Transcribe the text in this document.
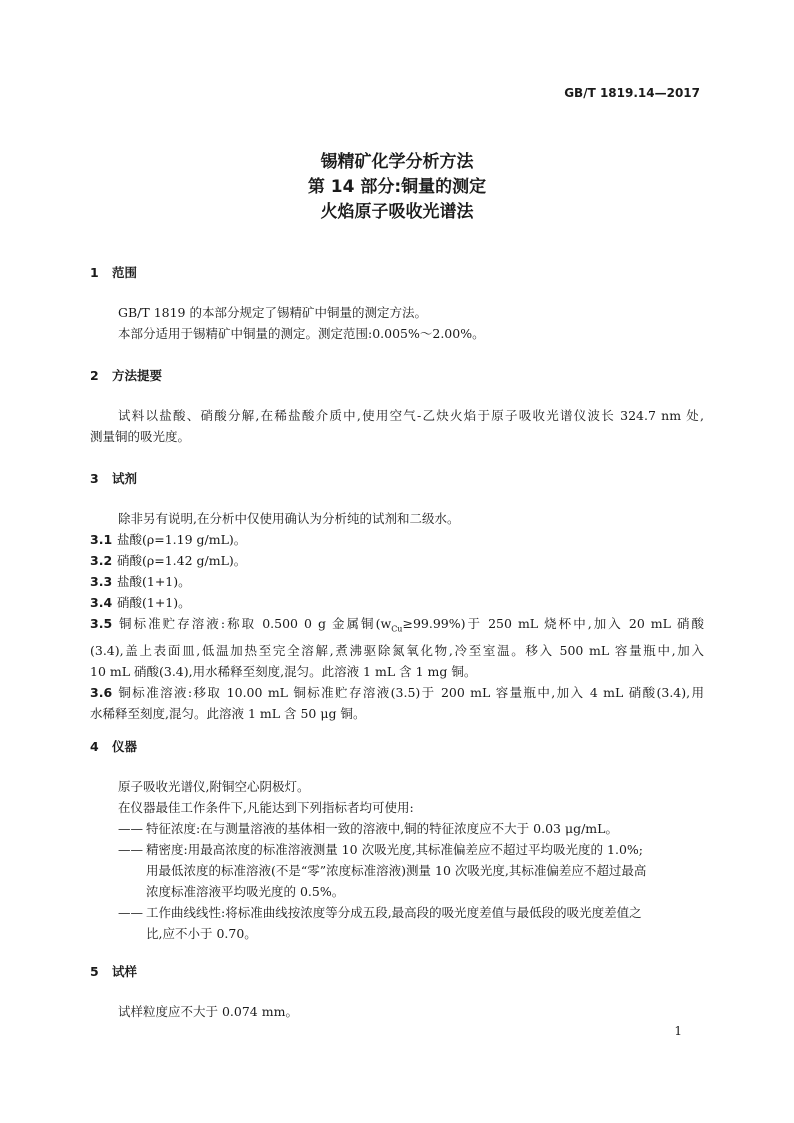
GB/T 1819.14—2017
锡精矿化学分析方法
第 14 部分:铜量的测定
火焰原子吸收光谱法
1 范围
GB/T 1819 的本部分规定了锡精矿中铜量的测定方法。
本部分适用于锡精矿中铜量的测定。测定范围:0.005%～2.00%。
2 方法提要
试料以盐酸、硝酸分解,在稀盐酸介质中,使用空气-乙炔火焰于原子吸收光谱仪波长 324.7 nm 处,
测量铜的吸光度。
3 试剂
除非另有说明,在分析中仅使用确认为分析纯的试剂和二级水。
3.1 盐酸(ρ=1.19 g/mL)。
3.2 硝酸(ρ=1.42 g/mL)。
3.3 盐酸(1+1)。
3.4 硝酸(1+1)。
3.5 铜标准贮存溶液:称取 0.500 0 g 金属铜$(w_{Cu}\ge 99.99\%)$于 250 mL 烧杯中,加入 20 mL 硝酸
(3.4),盖上表面皿,低温加热至完全溶解,煮沸驱除氮氧化物,冷至室温。移入 500 mL 容量瓶中,加入
10 mL 硝酸(3.4),用水稀释至刻度,混匀。此溶液 1 mL 含 1 mg 铜。
3.6 铜标准溶液:移取 10.00 mL 铜标准贮存溶液(3.5)于 200 mL 容量瓶中,加入 4 mL 硝酸(3.4),用
水稀释至刻度,混匀。此溶液 1 mL 含 50 μg 铜。
4 仪器
原子吸收光谱仪,附铜空心阴极灯。
在仪器最佳工作条件下,凡能达到下列指标者均可使用:
—— 特征浓度:在与测量溶液的基体相一致的溶液中,铜的特征浓度应不大于 0.03 μg/mL。
—— 精密度:用最高浓度的标准溶液测量 10 次吸光度,其标准偏差应不超过平均吸光度的 1.0%;
用最低浓度的标准溶液(不是“零”浓度标准溶液)测量 10 次吸光度,其标准偏差应不超过最高
浓度标准溶液平均吸光度的 0.5%。
—— 工作曲线线性:将标准曲线按浓度等分成五段,最高段的吸光度差值与最低段的吸光度差值之
比,应不小于 0.70。
5 试样
试样粒度应不大于 0.074 mm。
1
